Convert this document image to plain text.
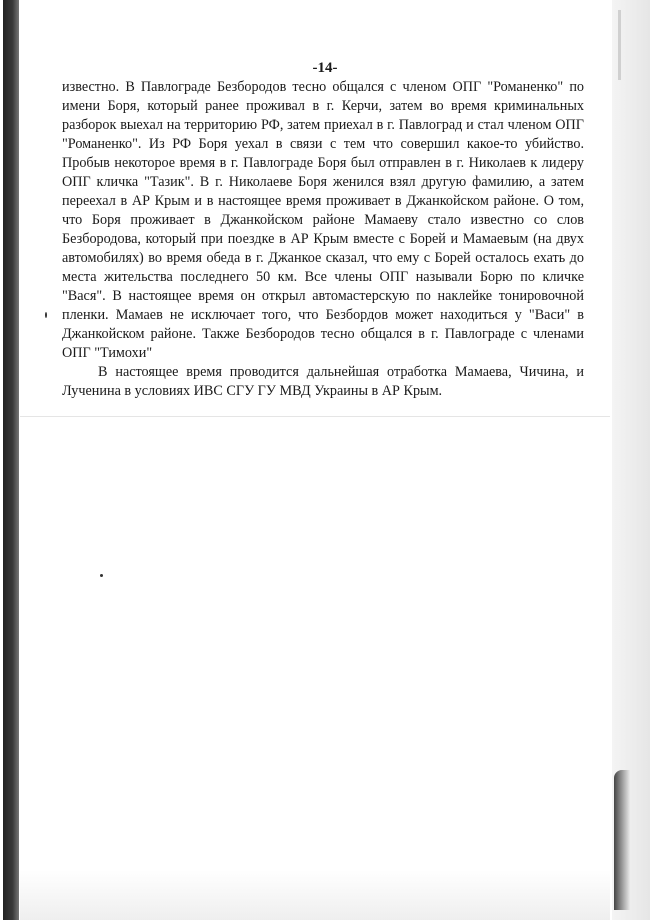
-14-

известно. В Павлограде Безбородов тесно общался с членом ОПГ "Романенко" по имени Боря, который ранее проживал в г. Керчи, затем во время криминальных разборок выехал на территорию РФ, затем приехал в г. Павлоград и стал членом ОПГ "Романенко". Из РФ Боря уехал в связи с тем что совершил какое-то убийство. Пробыв некоторое время в г. Павлограде Боря был отправлен в г. Николаев к лидеру ОПГ кличка "Тазик". В г. Николаеве Боря женился взял другую фамилию, а затем переехал в АР Крым и в настоящее время проживает в Джанкойском районе. О том, что Боря проживает в Джанкойском районе Мамаеву стало известно со слов Безбородова, который при поездке в АР Крым вместе с Борей и Мамаевым (на двух автомобилях) во время обеда в г. Джанкое сказал, что ему с Борей осталось ехать до места жительства последнего 50 км. Все члены ОПГ называли Борю по кличке "Вася". В настоящее время он открыл автомастерскую по наклейке тонировочной пленки. Мамаев не исключает того, что Безбордов может находиться у "Васи" в Джанкойском районе. Также Безбородов тесно общался в г. Павлограде с членами ОПГ "Тимохи"

В настоящее время проводится дальнейшая отработка Мамаева, Чичина, и Лученина в условиях ИВС СГУ ГУ МВД Украины в АР Крым.
